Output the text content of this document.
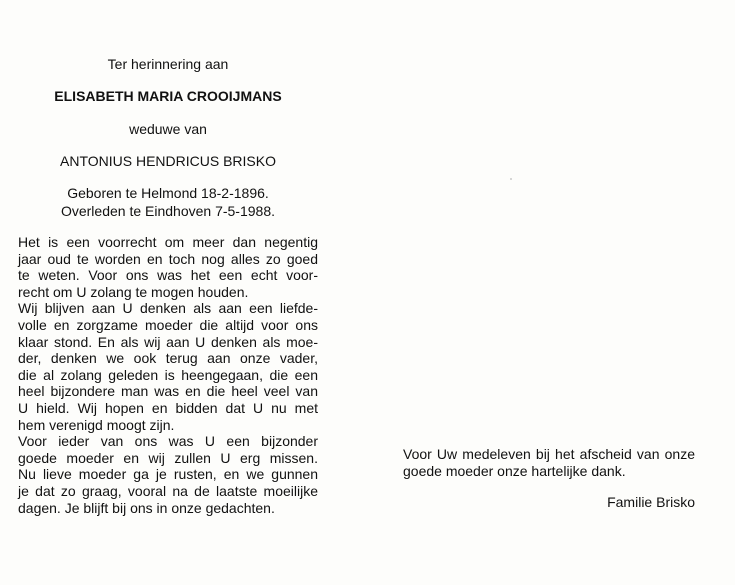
Ter herinnering aan
ELISABETH MARIA CROOIJMANS
weduwe van
ANTONIUS HENDRICUS BRISKO
Geboren te Helmond 18-2-1896.
Overleden te Eindhoven 7-5-1988.
Het is een voorrecht om meer dan negentig
jaar oud te worden en toch nog alles zo goed
te weten. Voor ons was het een echt voor-
recht om U zolang te mogen houden.
Wij blijven aan U denken als aan een liefde-
volle en zorgzame moeder die altijd voor ons
klaar stond. En als wij aan U denken als moe-
der, denken we ook terug aan onze vader,
die al zolang geleden is heengegaan, die een
heel bijzondere man was en die heel veel van
U hield. Wij hopen en bidden dat U nu met
hem verenigd moogt zijn.
Voor ieder van ons was U een bijzonder
goede moeder en wij zullen U erg missen.
Nu lieve moeder ga je rusten, en we gunnen
je dat zo graag, vooral na de laatste moeilijke
dagen. Je blijft bij ons in onze gedachten.
Voor Uw medeleven bij het afscheid van onze
goede moeder onze hartelijke dank.
Familie Brisko
